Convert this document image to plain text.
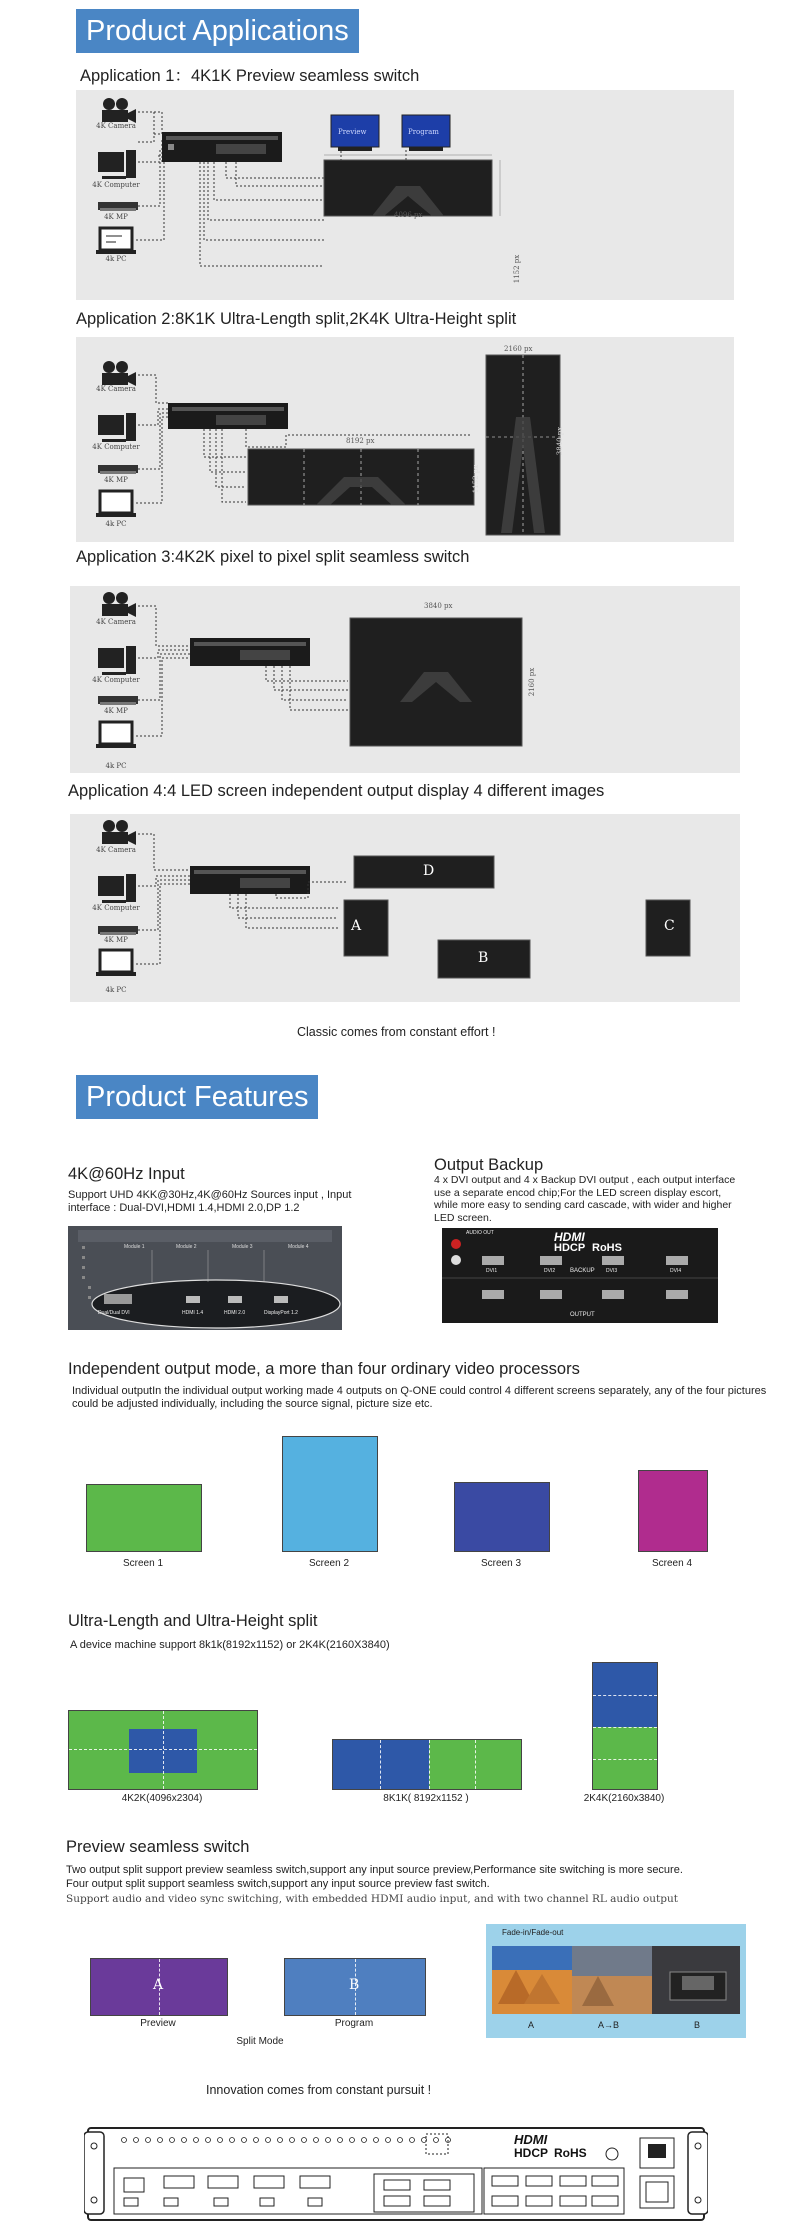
Product Applications
Application 1：4K1K Preview seamless switch
4K Camera
4K Computer
4K MP
4k PC
Preview	Program
4096 px
1152 px
Application 2:8K1K Ultra-Length split,2K4K Ultra-Height split
4K Camera
4K Computer
4K MP
4k PC
8192 px
1152 px
2160 px
3840 px
Application 3:4K2K pixel to pixel split seamless switch
4K Camera
4K Computer
4K MP
4k PC
3840 px
2160 px
Application 4:4 LED screen independent output display 4 different images
4K Camera
4K Computer
4K MP
4k PC
D
A	C
B
Classic comes from constant effort !
Product Features
4K@60Hz Input
Support UHD 4KK@30Hz,4K@60Hz Sources input , Input interface : Dual-DVI,HDMI 1.4,HDMI 2.0,DP 1.2
Module 1	Module 2	Module 3	Module 4
Dual/Dual DVI	HDMI 1.4	HDMI 2.0	DisplayPort 1.2
Output Backup
4 x DVI output and 4 x Backup DVI output , each output interface use a separate encod chip;For the LED screen display escort, while more easy to sending card cascade, with wider and higher LED screen.
AUDIO OUT	HDMI
HDCP RoHS
BACKUP
OUTPUT
DVI1	DVI2	DVI3	DVI4
Independent output mode, a more than four ordinary video processors
Individual outputIn the individual output working made 4 outputs on Q-ONE could control 4 different screens separately, any of the four pictures could be adjusted individually, including the source signal, picture size etc.
Screen 1	Screen 2	Screen 3	Screen 4
Ultra-Length and Ultra-Height split
A device machine support 8k1k(8192x1152) or 2K4K(2160X3840)
4K2K(4096x2304)	8K1K( 8192x1152 )	2K4K(2160x3840)
Preview seamless switch
Two output split support preview seamless switch,support any input source preview,Performance site switching is more secure.
Four output split support seamless switch,support any input source preview fast switch.
Support audio and video sync switching, with embedded HDMI audio input, and with two channel RL audio output
A
Preview
B
Program
Split Mode
Fade-in/Fade-out
A	A→B	B
Innovation comes from constant pursuit !
HDMI
HDCP RoHS
